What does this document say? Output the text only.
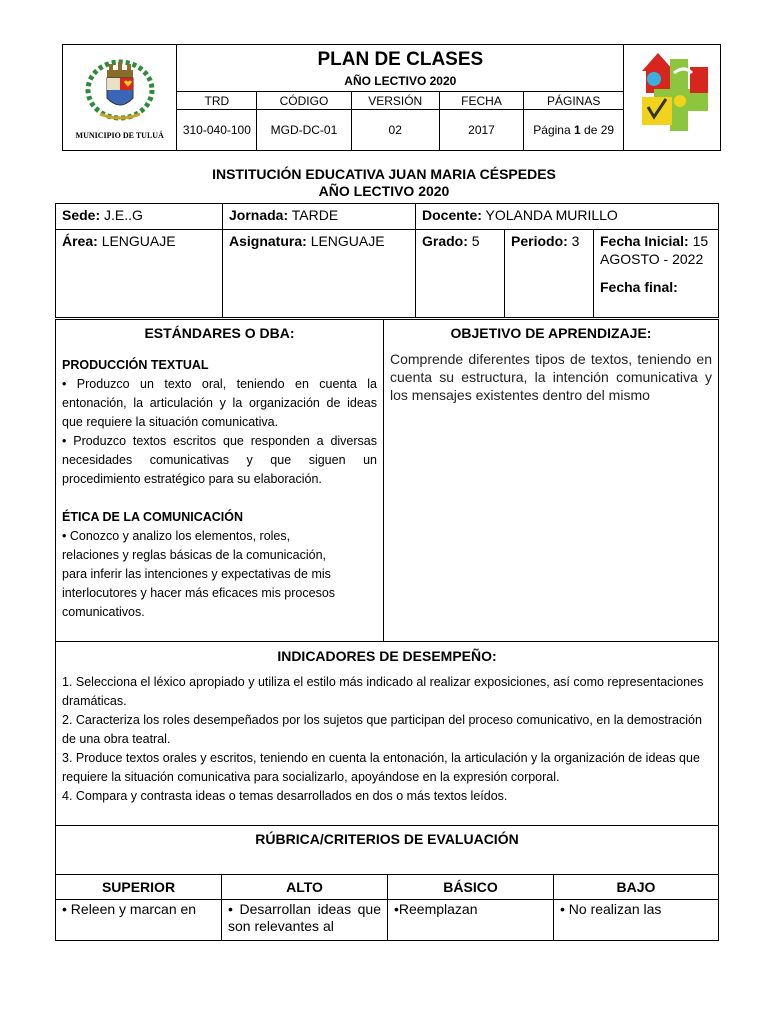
MUNICIPIO DE TULUÁ	PLAN DE CLASES
AÑO LECTIVO 2020

	TRD	CÓDIGO	VERSIÓN	FECHA	PÁGINAS	
	310-040-100	MGD-DC-01	02	2017	Página 1 de 29	
INSTITUCIÓN EDUCATIVA JUAN MARIA CÉSPEDES
AÑO LECTIVO 2020
Sede: J.E..G	Jornada: TARDE	Docente: YOLANDA MURILLO		
Área: LENGUAJE	Asignatura: LENGUAJE	Grado: 5	Periodo: 3	Fecha Inicial: 15 AGOSTO - 2022
Fecha final:
ESTÁNDARES O DBA:
PRODUCCIÓN TEXTUAL
• Produzco un texto oral, teniendo en cuenta la entonación, la articulación y la organización de ideas que requiere la situación comunicativa.
• Produzco textos escritos que responden a diversas necesidades comunicativas y que siguen un procedimiento estratégico para su elaboración.
ÉTICA DE LA COMUNICACIÓN
• Conozco y analizo los elementos, roles,
relaciones y reglas básicas de la comunicación,
para inferir las intenciones y expectativas de mis
interlocutores y hacer más eficaces mis procesos
comunicativos.
OBJETIVO DE APRENDIZAJE:
Comprende diferentes tipos de textos, teniendo en cuenta su estructura, la intención comunicativa y los mensajes existentes dentro del mismo
INDICADORES DE DESEMPEÑO:
1. Selecciona el léxico apropiado y utiliza el estilo más indicado al realizar exposiciones, así como representaciones dramáticas.
2. Caracteriza los roles desempeñados por los sujetos que participan del proceso comunicativo, en la demostración de una obra teatral.
3. Produce textos orales y escritos, teniendo en cuenta la entonación, la articulación y la organización de ideas que requiere la situación comunicativa para socializarlo, apoyándose en la expresión corporal.
4. Compara y contrasta ideas o temas desarrollados en dos o más textos leídos.
RÚBRICA/CRITERIOS DE EVALUACIÓN
SUPERIOR	ALTO	BÁSICO	BAJO
• Releen y marcan en	• Desarrollan ideas que son relevantes al	•Reemplazan	• No realizan las
